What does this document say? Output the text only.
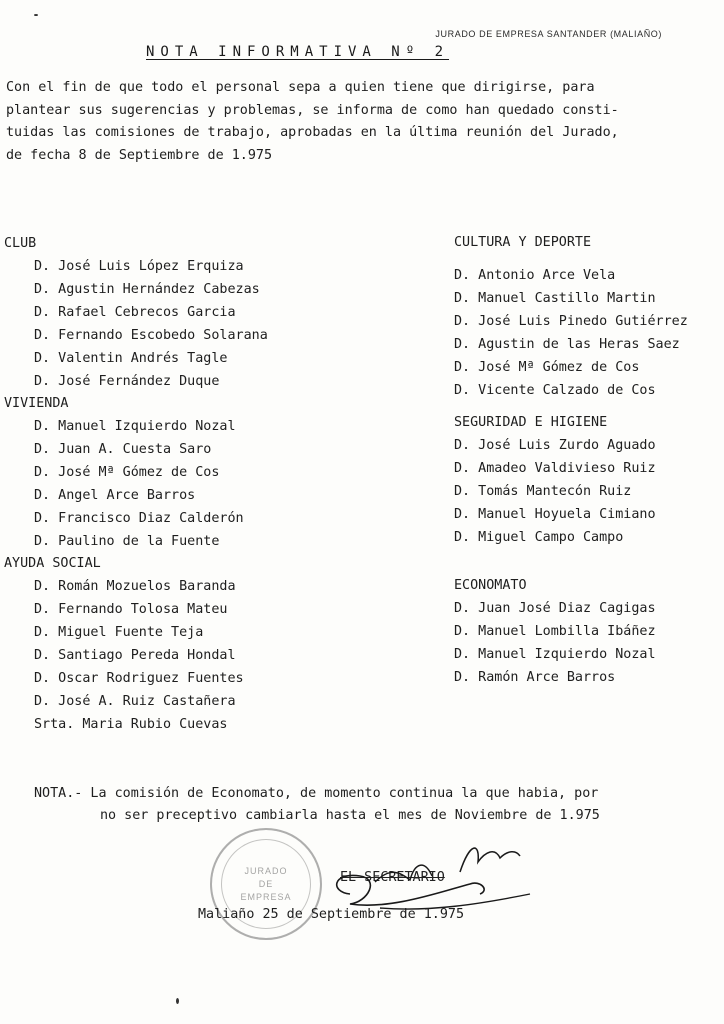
JURADO DE EMPRESA SANTANDER (MALIAÑO)
NOTA INFORMATIVA Nº 2

Con el fin de que todo el personal sepa a quien tiene que dirigirse, para

plantear sus sugerencias y problemas, se informa de como han quedado consti-

tuidas las comisiones de trabajo, aprobadas en la última reunión del Jurado,

de fecha 8 de Septiembre de 1.975

CLUB
D. José Luis López Erquiza
D. Agustin Hernández Cabezas
D. Rafael Cebrecos Garcia
D. Fernando Escobedo Solarana
D. Valentin Andrés Tagle
D. José Fernández Duque
VIVIENDA
D. Manuel Izquierdo Nozal
D. Juan A. Cuesta Saro
D. José Mª Gómez de Cos
D. Angel Arce Barros
D. Francisco Diaz Calderón
D. Paulino de la Fuente
AYUDA SOCIAL
D. Román Mozuelos Baranda
D. Fernando Tolosa Mateu
D. Miguel Fuente Teja
D. Santiago Pereda Hondal
D. Oscar Rodriguez Fuentes
D. José A. Ruiz Castañera
Srta. Maria Rubio Cuevas
CULTURA Y DEPORTE
D. Antonio Arce Vela
D. Manuel Castillo Martin
D. José Luis Pinedo Gutiérrez
D. Agustin de las Heras Saez
D. José Mª Gómez de Cos
D. Vicente Calzado de Cos
SEGURIDAD E HIGIENE
D. José Luis Zurdo Aguado
D. Amadeo Valdivieso Ruiz
D. Tomás Mantecón Ruiz
D. Manuel Hoyuela Cimiano
D. Miguel Campo Campo
ECONOMATO
D. Juan José Diaz Cagigas
D. Manuel Lombilla Ibáñez
D. Manuel Izquierdo Nozal
D. Ramón Arce Barros

NOTA.- La comisión de Economato, de momento continua la que habia, por

no ser preceptivo cambiarla hasta el mes de Noviembre de 1.975

JURADO
DE
EMPRESA
EL SECRETARIO
Maliaño 25 de Septiembre de 1.975
